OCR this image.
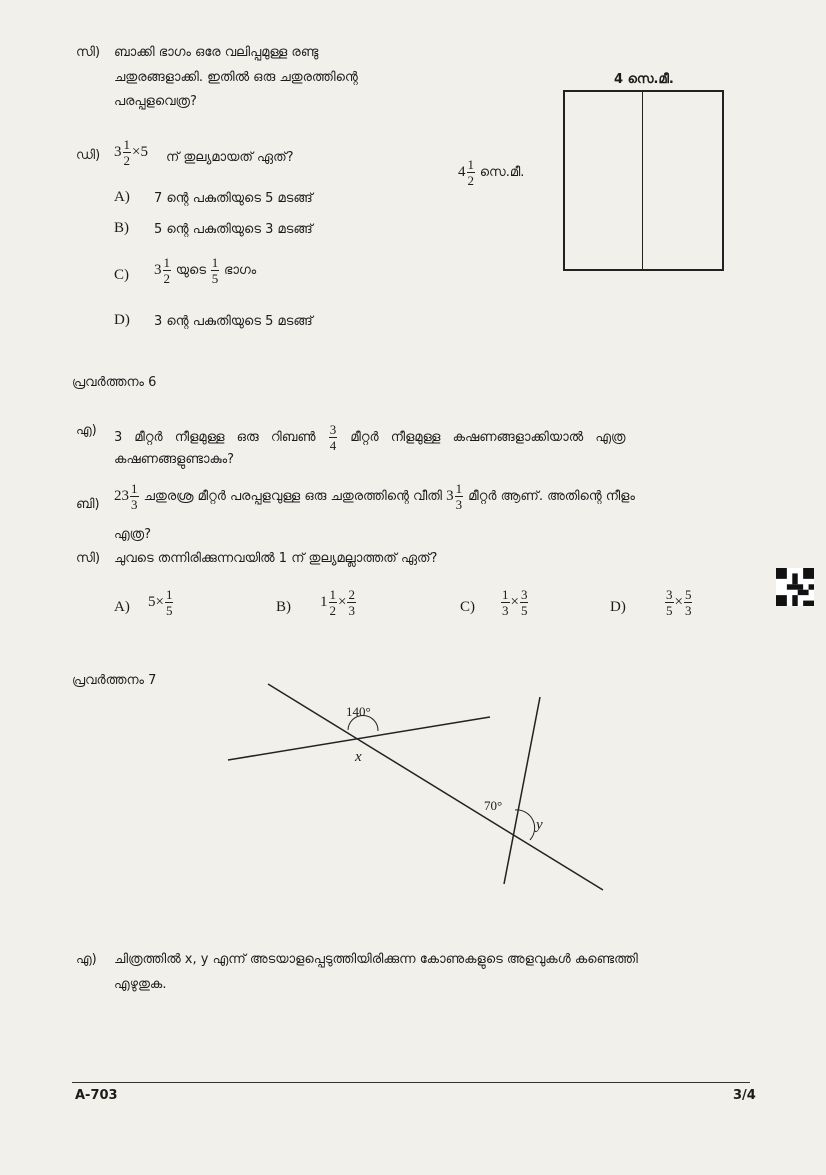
സി) ബാക്കി ഭാഗം ഒരേ വലിപ്പമുള്ള രണ്ടു
ചതുരങ്ങളാക്കി. ഇതിൽ ഒരു ചതുരത്തിന്റെ
പരപ്പളവെത്ര?
ഡി) $3 \frac{1}{2} \times 5$ ന് തുല്യമായത് ഏത്?
A) 7 ന്റെ പകുതിയുടെ 5 മടങ്ങ്
B) 5 ന്റെ പകുതിയുടെ 3 മടങ്ങ്
C) $3 \frac{1}{2}$ യുടെ $\frac{1}{5}$ ഭാഗം
D) 3 ന്റെ പകുതിയുടെ 5 മടങ്ങ്
4 സെ.മീ.
$4 \frac{1}{2}$ സെ.മീ.
പ്രവർത്തനം 6
എ) 3 മീറ്റർ നീളമുള്ള ഒരു റിബൺ $\frac{3}{4}$ മീറ്റർ നീളമുള്ള കഷണങ്ങളാക്കിയാൽ എത്ര
കഷണങ്ങളുണ്ടാകും?
ബി)
$23 \frac{1}{3}$ ചതുരശ്ര മീറ്റർ പരപ്പളവുള്ള ഒരു ചതുരത്തിന്റെ വീതി $3 \frac{1}{3}$ മീറ്റർ ആണ്. അതിന്റെ നീളം
എത്ര?
സി) ചുവടെ തന്നിരിക്കുന്നവയിൽ 1 ന് തുല്യമല്ലാത്തത് ഏത്?
A) $5\times \frac{1}{5}$	B) $1 \frac{1}{2} \times \frac{2}{3}$	$C) \frac{1}{3} \times \frac{3}{5}$	D)	$\frac{3}{5} \times \frac{5}{3}$
പ്രവർത്തനം 7
140°
x
70°
y
എ) ചിത്രത്തിൽ x, y എന്ന് അടയാളപ്പെടുത്തിയിരിക്കുന്ന കോണുകളുടെ അളവുകൾ കണ്ടെത്തി
എഴുതുക.
A-703	3/4
